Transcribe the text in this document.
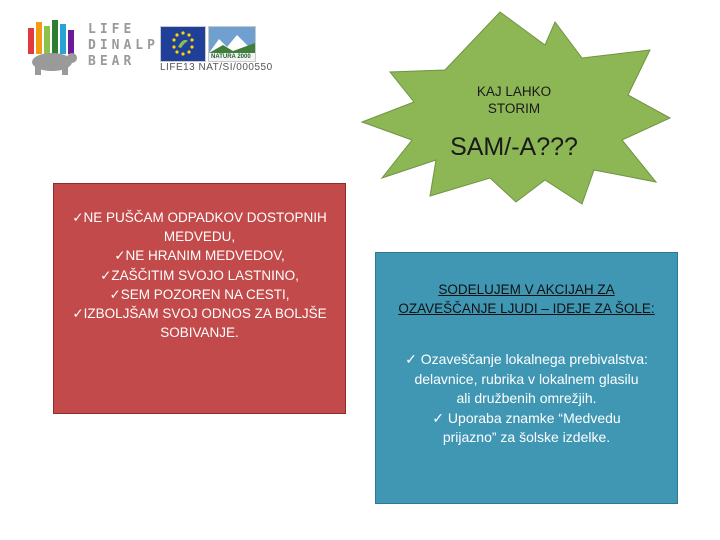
LIFE
DINALP
BEAR	NATURA 2000
LIFE13 NAT/SI/000550
KAJ LAHKO
STORIM
SAM/-A???
✓NE PUŠČAM ODPADKOV DOSTOPNIH
MEDVEDU,
✓NE HRANIM MEDVEDOV,
✓ZAŠČITIM SVOJO LASTNINO,
✓SEM POZOREN NA CESTI,
✓IZBOLJŠAM SVOJ ODNOS ZA BOLJŠE
SOBIVANJE.
SODELUJEM V AKCIJAH ZA
OZAVEŠČANJE LJUDI – IDEJE ZA ŠOLE:
✓ Ozaveščanje lokalnega prebivalstva:
delavnice, rubrika v lokalnem glasilu
ali družbenih omrežjih.
✓ Uporaba znamke “Medvedu
prijazno” za šolske izdelke.
